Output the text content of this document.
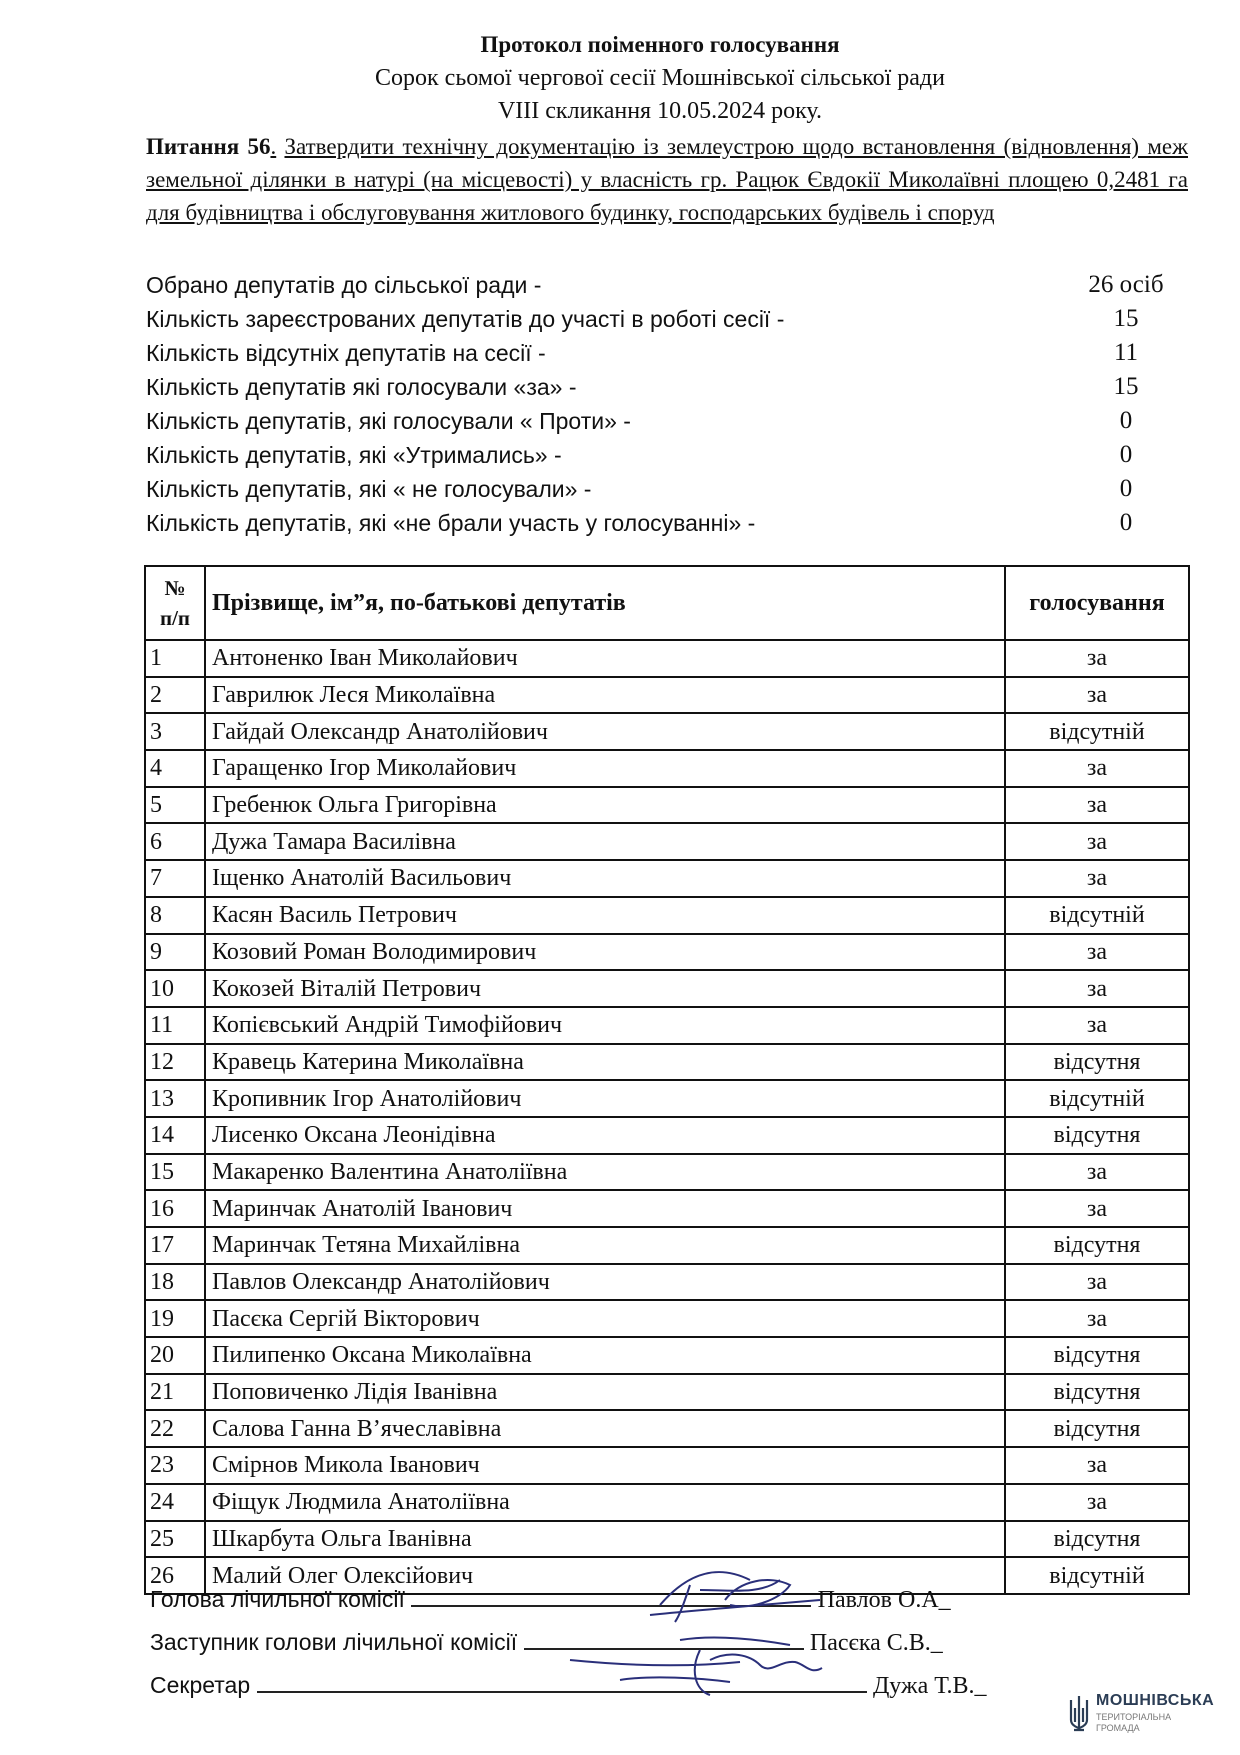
Протокол поіменного голосування
Сорок сьомої чергової сесії Мошнівської сільської ради
VIII скликання 10.05.2024 року.
Питання 56. Затвердити технічну документацію із землеустрою щодо встановлення (відновлення) меж земельної ділянки в натурі (на місцевості) у власність гр. Рацюк Євдокії Миколаївні площею 0,2481 га для будівництва і обслуговування житлового будинку, господарських будівель і споруд
Обрано депутатів до сільської ради -	26 осіб
Кількість зареєстрованих депутатів до участі в роботі сесії -	15
Кількість відсутніх депутатів на сесії -	11
Кількість депутатів які голосували «за» -	15
Кількість депутатів, які голосували « Проти» -	0
Кількість депутатів, які «Утримались» -	0
Кількість депутатів, які « не голосували» -	0
Кількість депутатів, які «не брали участь у голосуванні» -	0
№
п/п	Прізвище, ім”я, по-батькові депутатів	голосування
1	Антоненко Іван Миколайович	за
2	Гаврилюк Леся Миколаївна	за
3	Гайдай Олександр Анатолійович	відсутній
4	Гаращенко Ігор Миколайович	за
5	Гребенюк Ольга Григорівна	за
6	Дужа Тамара Василівна	за
7	Іщенко Анатолій Васильович	за
8	Касян Василь Петрович	відсутній
9	Козовий Роман Володимирович	за
10	Кокозей Віталій Петрович	за
11	Копієвський Андрій Тимофійович	за
12	Кравець Катерина Миколаївна	відсутня
13	Кропивник Ігор Анатолійович	відсутній
14	Лисенко Оксана Леонідівна	відсутня
15	Макаренко Валентина Анатоліївна	за
16	Маринчак Анатолій Іванович	за
17	Маринчак Тетяна Михайлівна	відсутня
18	Павлов Олександр Анатолійович	за
19	Пасєка Сергій Вікторович	за
20	Пилипенко Оксана Миколаївна	відсутня
21	Поповиченко Лідія Іванівна	відсутня
22	Салова Ганна В’ячеславівна	відсутня
23	Смірнов Микола Іванович	за
24	Фіщук Людмила Анатоліївна	за
25	Шкарбута Ольга Іванівна	відсутня
26	Малий Олег Олексійович	відсутній
Голова лічильної комісії	Павлов О.А_
Заступник голови лічильної комісії	Пасєка С.В._
Секретар	Дужа Т.В._
МОШНІВСЬКА
ТЕРИТОРІАЛЬНА ГРОМАДА
